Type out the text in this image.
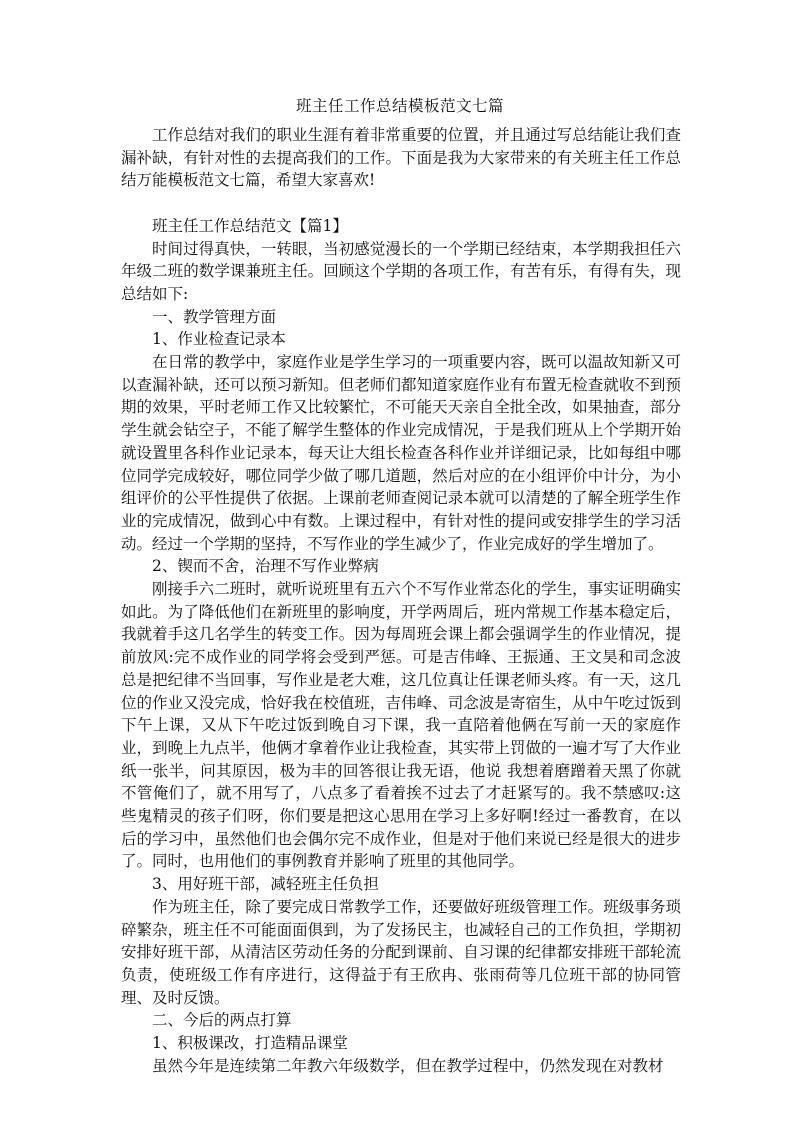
班主任工作总结模板范文七篇

工作总结对我们的职业生涯有着非常重要的位置，并且通过写总结能让我们查漏补缺，有针对性的去提高我们的工作。下面是我为大家带来的有关班主任工作总结万能模板范文七篇，希望大家喜欢!

班主任工作总结范文【篇1】

时间过得真快，一转眼，当初感觉漫长的一个学期已经结束，本学期我担任六年级二班的数学课兼班主任。回顾这个学期的各项工作，有苦有乐，有得有失，现总结如下:

一、教学管理方面

1、作业检查记录本

在日常的教学中，家庭作业是学生学习的一项重要内容，既可以温故知新又可以查漏补缺，还可以预习新知。但老师们都知道家庭作业有布置无检查就收不到预期的效果，平时老师工作又比较繁忙，不可能天天亲自全批全改，如果抽查，部分学生就会钻空子，不能了解学生整体的作业完成情况，于是我们班从上个学期开始就设置里各科作业记录本，每天让大组长检查各科作业并详细记录，比如每组中哪位同学完成较好，哪位同学少做了哪几道题，然后对应的在小组评价中计分，为小组评价的公平性提供了依据。上课前老师查阅记录本就可以清楚的了解全班学生作业的完成情况，做到心中有数。上课过程中，有针对性的提问或安排学生的学习活动。经过一个学期的坚持，不写作业的学生减少了，作业完成好的学生增加了。

2、锲而不舍，治理不写作业弊病

刚接手六二班时，就听说班里有五六个不写作业常态化的学生，事实证明确实如此。为了降低他们在新班里的影响度，开学两周后，班内常规工作基本稳定后，我就着手这几名学生的转变工作。因为每周班会课上都会强调学生的作业情况，提前放风:完不成作业的同学将会受到严惩。可是吉伟峰、王振通、王文昊和司念波总是把纪律不当回事，写作业是老大难，这几位真让任课老师头疼。有一天，这几位的作业又没完成，恰好我在校值班，吉伟峰、司念波是寄宿生，从中午吃过饭到下午上课，又从下午吃过饭到晚自习下课，我一直陪着他俩在写前一天的家庭作业，到晚上九点半，他俩才拿着作业让我检查，其实带上罚做的一遍才写了大作业纸一张半，问其原因，极为丰的回答很让我无语，他说 我想着磨蹭着天黑了你就不管俺们了，就不用写了，八点多了看着挨不过去了才赶紧写的。我不禁感叹:这些鬼精灵的孩子们呀，你们要是把这心思用在学习上多好啊!经过一番教育，在以后的学习中，虽然他们也会偶尔完不成作业，但是对于他们来说已经是很大的进步了。同时，也用他们的事例教育并影响了班里的其他同学。

3、用好班干部，减轻班主任负担

作为班主任，除了要完成日常教学工作，还要做好班级管理工作。班级事务琐碎繁杂，班主任不可能面面俱到，为了发扬民主，也减轻自己的工作负担，学期初安排好班干部，从清洁区劳动任务的分配到课前、自习课的纪律都安排班干部轮流负责，使班级工作有序进行，这得益于有王欣冉、张雨荷等几位班干部的协同管理、及时反馈。

二、今后的两点打算

1、积极课改，打造精品课堂

虽然今年是连续第二年教六年级数学，但在教学过程中，仍然发现在对教材
